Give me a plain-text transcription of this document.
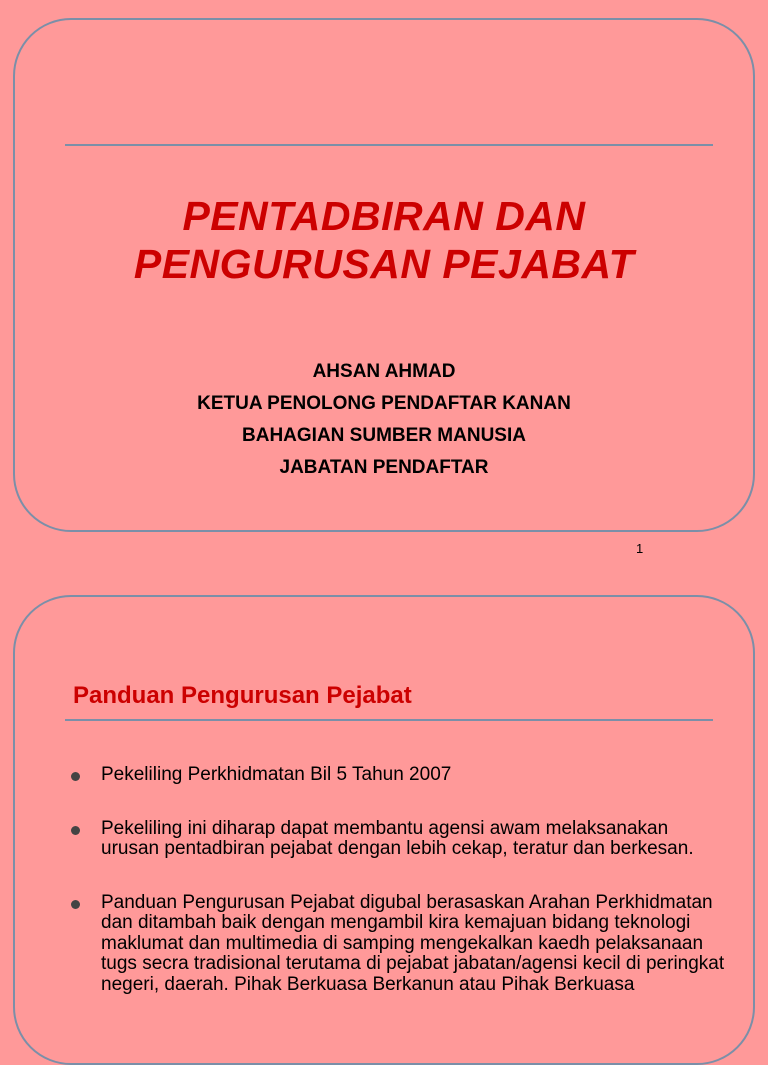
PENTADBIRAN DAN
PENGURUSAN PEJABAT
AHSAN AHMAD
KETUA PENOLONG PENDAFTAR KANAN
BAHAGIAN SUMBER MANUSIA
JABATAN PENDAFTAR
1
Panduan Pengurusan Pejabat
Pekeliling Perkhidmatan Bil 5 Tahun 2007
Pekeliling ini diharap dapat membantu agensi awam melaksanakan urusan pentadbiran pejabat dengan lebih cekap, teratur dan berkesan.
Panduan Pengurusan Pejabat digubal berasaskan Arahan Perkhidmatan dan ditambah baik dengan mengambil kira kemajuan bidang teknologi maklumat dan multimedia di samping mengekalkan kaedh pelaksanaan tugs secra tradisional terutama di pejabat jabatan/agensi kecil di peringkat negeri, daerah. Pihak Berkuasa Berkanun atau Pihak Berkuasa
